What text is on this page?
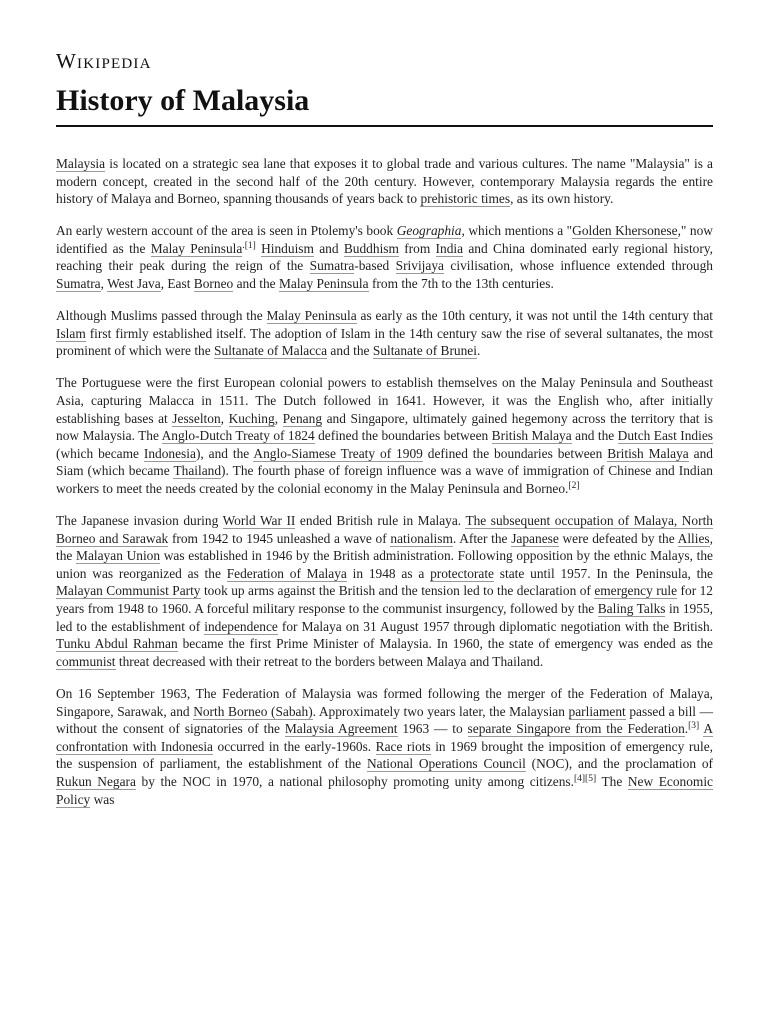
Wikipedia
History of Malaysia

Malaysia is located on a strategic sea lane that exposes it to global trade and various cultures. The name "Malaysia" is a modern concept, created in the second half of the 20th century. However, contemporary Malaysia regards the entire history of Malaya and Borneo, spanning thousands of years back to prehistoric times, as its own history.

An early western account of the area is seen in Ptolemy's book Geographia, which mentions a "Golden Khersonese," now identified as the Malay Peninsula$^{.[1]}$ Hinduism and Buddhism from India and China dominated early regional history, reaching their peak during the reign of the Sumatra-based Srivijaya civilisation, whose influence extended through Sumatra, West Java, East Borneo and the Malay Peninsula from the 7th to the 13th centuries.

Although Muslims passed through the Malay Peninsula as early as the 10th century, it was not until the 14th century that Islam first firmly established itself. The adoption of Islam in the 14th century saw the rise of several sultanates, the most prominent of which were the Sultanate of Malacca and the Sultanate of Brunei.

The Portuguese were the first European colonial powers to establish themselves on the Malay Peninsula and Southeast Asia, capturing Malacca in 1511. The Dutch followed in 1641. However, it was the English who, after initially establishing bases at Jesselton, Kuching, Penang and Singapore, ultimately gained hegemony across the territory that is now Malaysia. The Anglo-Dutch Treaty of 1824 defined the boundaries between British Malaya and the Dutch East Indies (which became Indonesia), and the Anglo-Siamese Treaty of 1909 defined the boundaries between British Malaya and Siam (which became Thailand). The fourth phase of foreign influence was a wave of immigration of Chinese and Indian workers to meet the needs created by the colonial economy in the Malay Peninsula and Borneo.[2]

The Japanese invasion during World War II ended British rule in Malaya. The subsequent occupation of Malaya, North Borneo and Sarawak from 1942 to 1945 unleashed a wave of nationalism. After the Japanese were defeated by the Allies, the Malayan Union was established in 1946 by the British administration. Following opposition by the ethnic Malays, the union was reorganized as the Federation of Malaya in 1948 as a protectorate state until 1957. In the Peninsula, the Malayan Communist Party took up arms against the British and the tension led to the declaration of emergency rule for 12 years from 1948 to 1960. A forceful military response to the communist insurgency, followed by the Baling Talks in 1955, led to the establishment of independence for Malaya on 31 August 1957 through diplomatic negotiation with the British. Tunku Abdul Rahman became the first Prime Minister of Malaysia. In 1960, the state of emergency was ended as the communist threat decreased with their retreat to the borders between Malaya and Thailand.

On 16 September 1963, The Federation of Malaysia was formed following the merger of the Federation of Malaya, Singapore, Sarawak, and North Borneo (Sabah). Approximately two years later, the Malaysian parliament passed a bill — without the consent of signatories of the Malaysia Agreement 1963 — to separate Singapore from the Federation.[3] A confrontation with Indonesia occurred in the early-1960s. Race riots in 1969 brought the imposition of emergency rule, the suspension of parliament, the establishment of the National Operations Council (NOC), and the proclamation of Rukun Negara by the NOC in 1970, a national philosophy promoting unity among citizens.[4][5] The New Economic Policy was
